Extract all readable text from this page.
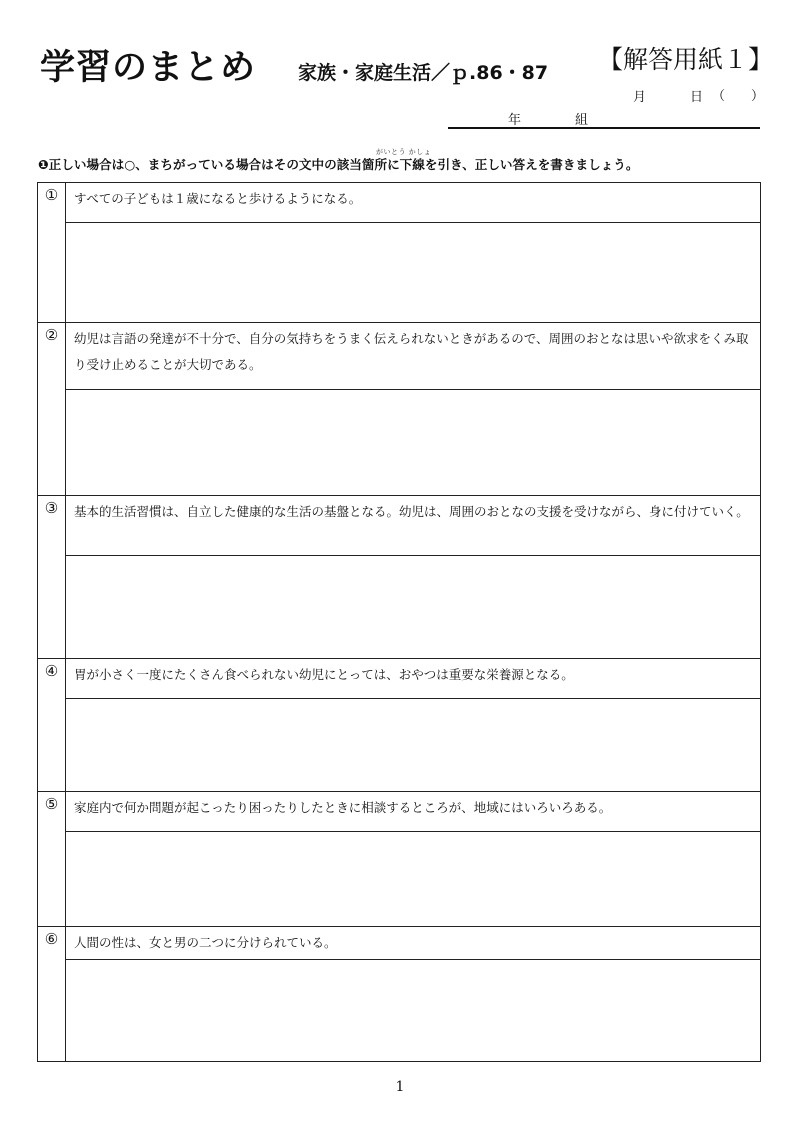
学習のまとめ 家族・家庭生活／ｐ.86・87 【解答用紙１】
月	日 （　　）
年	組
がいとう かしょ
❶正しい場合は○、まちがっている場合はその文中の該当箇所に下線を引き、正しい答えを書きましょう。
①	すべての子どもは１歳になると歩けるようになる。

②	幼児は言語の発達が不十分で、自分の気持ちをうまく伝えられないときがあるので、周囲のおとなは思いや欲求をくみ取り受け止めることが大切である。

③	基本的生活習慣は、自立した健康的な生活の基盤となる。幼児は、周囲のおとなの支援を受けながら、身に付けていく。

④	胃が小さく一度にたくさん食べられない幼児にとっては、おやつは重要な栄養源となる。

⑤	家庭内で何か問題が起こったり困ったりしたときに相談するところが、地域にはいろいろある。

⑥	人間の性は、女と男の二つに分けられている。

1
